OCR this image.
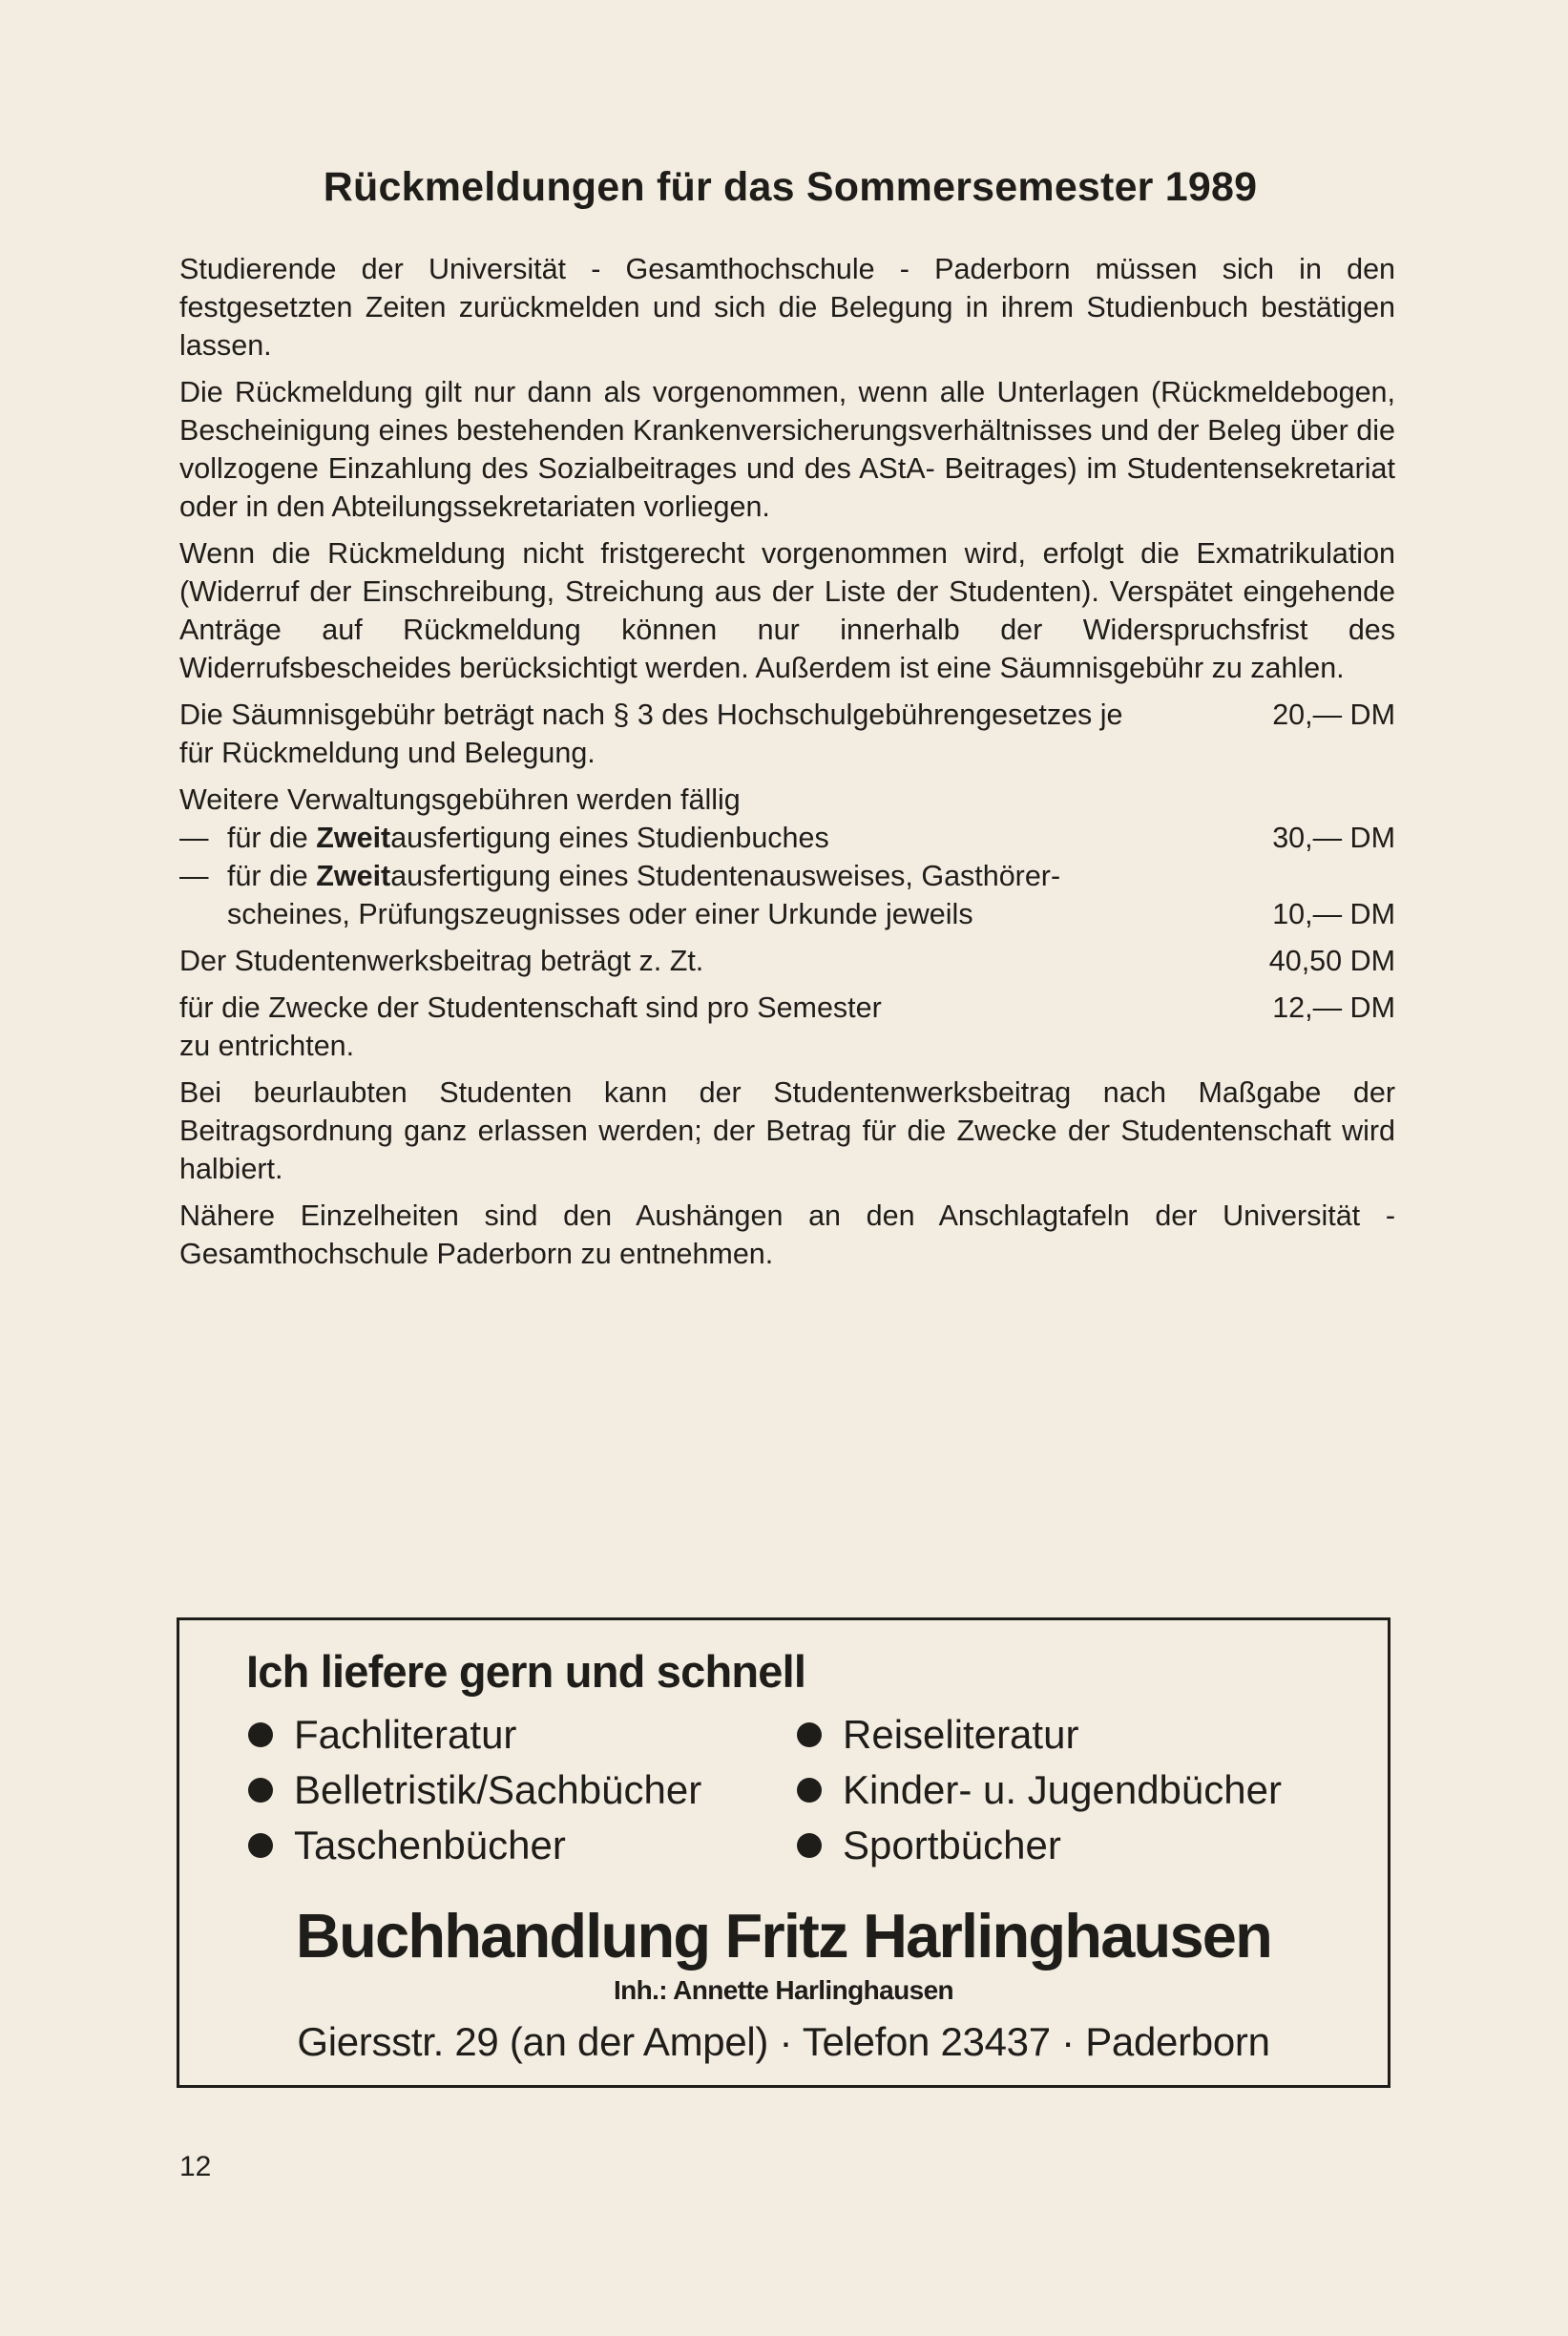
Rückmeldungen für das Sommersemester 1989

Studierende der Universität - Gesamthochschule - Paderborn müssen sich in den festgesetzten Zeiten zurückmelden und sich die Belegung in ihrem Studienbuch bestätigen lassen.

Die Rückmeldung gilt nur dann als vorgenommen, wenn alle Unterlagen (Rückmeldebogen, Bescheinigung eines bestehenden Krankenversicherungsverhältnisses und der Beleg über die vollzogene Einzahlung des Sozialbeitrages und des AStA- Beitrages) im Studentensekretariat oder in den Abteilungssekretariaten vorliegen.

Wenn die Rückmeldung nicht fristgerecht vorgenommen wird, erfolgt die Exmatrikulation (Widerruf der Einschreibung, Streichung aus der Liste der Studenten). Verspätet eingehende Anträge auf Rückmeldung können nur innerhalb der Widerspruchsfrist des Widerrufsbescheides berücksichtigt werden. Außerdem ist eine Säumnisgebühr zu zahlen.

Die Säumnisgebühr beträgt nach § 3 des Hochschulgebührengesetzes je	20,— DM
für Rückmeldung und Belegung.
Weitere Verwaltungsgebühren werden fällig
— für die Zweitausfertigung eines Studienbuches	30,— DM
— für die Zweitausfertigung eines Studentenausweises, Gasthörer-
scheines, Prüfungszeugnisses oder einer Urkunde jeweils	10,— DM
Der Studentenwerksbeitrag beträgt z. Zt.	40,50 DM
für die Zwecke der Studentenschaft sind pro Semester	12,— DM
zu entrichten.

Bei beurlaubten Studenten kann der Studentenwerksbeitrag nach Maßgabe der Beitragsordnung ganz erlassen werden; der Betrag für die Zwecke der Studentenschaft wird halbiert.

Nähere Einzelheiten sind den Aushängen an den Anschlagtafeln der Universität - Gesamthochschule Paderborn zu entnehmen.

Ich liefere gern und schnell
Fachliteratur	Reiseliteratur
Belletristik/Sachbücher	Kinder- u. Jugendbücher
Taschenbücher	Sportbücher
Buchhandlung Fritz Harlinghausen
Inh.: Annette Harlinghausen
Giersstr. 29 (an der Ampel) · Telefon 23437 · Paderborn
12
